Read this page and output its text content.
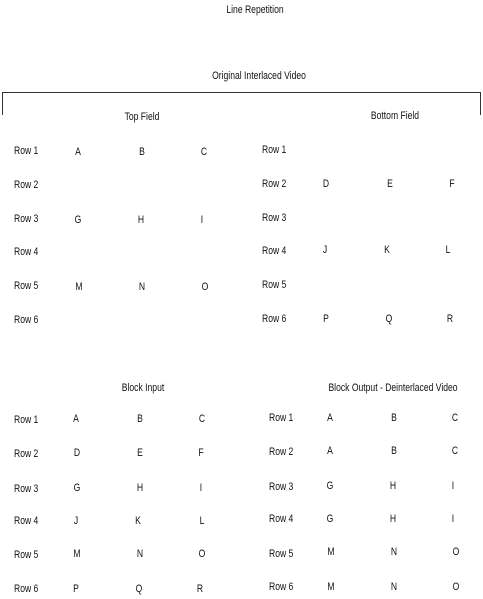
Line Repetition
Original Interlaced Video
Top Field
Row 1	A	B	C
Row 2
Row 3	G	H	I
Row 4
Row 5	M	N	O
Row 6
Bottom Field
Row 1
Row 2	D	E	F
Row 3
Row 4	J	K	L
Row 5
Row 6	P	Q	R
Block Input
Row 1	A	B	C
Row 2	D	E	F
Row 3	G	H	I
Row 4	J	K	L
Row 5	M	N	O
Row 6	P	Q	R
Block Output - Deinterlaced Video
Row 1	A	B	C
Row 2	A	B	C
Row 3	G	H	I
Row 4	G	H	I
Row 5	M	N	O
Row 6	M	N	O
